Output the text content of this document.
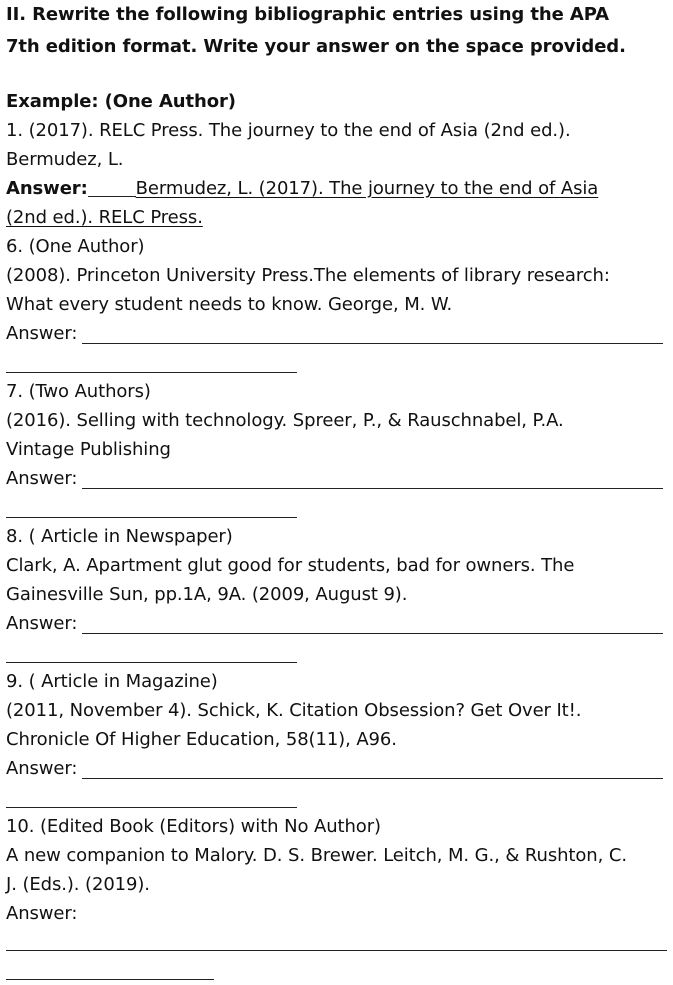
II. Rewrite the following bibliographic entries using the APA
7th edition format. Write your answer on the space provided.
Example: (One Author)
1. (2017). RELC Press. The journey to the end of Asia (2nd ed.).
Bermudez, L.
Answer:	Bermudez, L. (2017). The journey to the end of Asia
(2nd ed.). RELC Press.
6. (One Author)
(2008). Princeton University Press.The elements of library research:
What every student needs to know. George, M. W.
Answer:
7. (Two Authors)
(2016). Selling with technology. Spreer, P., & Rauschnabel, P.A.
Vintage Publishing
Answer:
8. ( Article in Newspaper)
Clark, A. Apartment glut good for students, bad for owners. The
Gainesville Sun, pp.1A, 9A. (2009, August 9).
Answer:
9. ( Article in Magazine)
(2011, November 4). Schick, K. Citation Obsession? Get Over It!.
Chronicle Of Higher Education, 58(11), A96.
Answer:
10. (Edited Book (Editors) with No Author)
A new companion to Malory. D. S. Brewer. Leitch, M. G., & Rushton, C.
J. (Eds.). (2019).
Answer:
